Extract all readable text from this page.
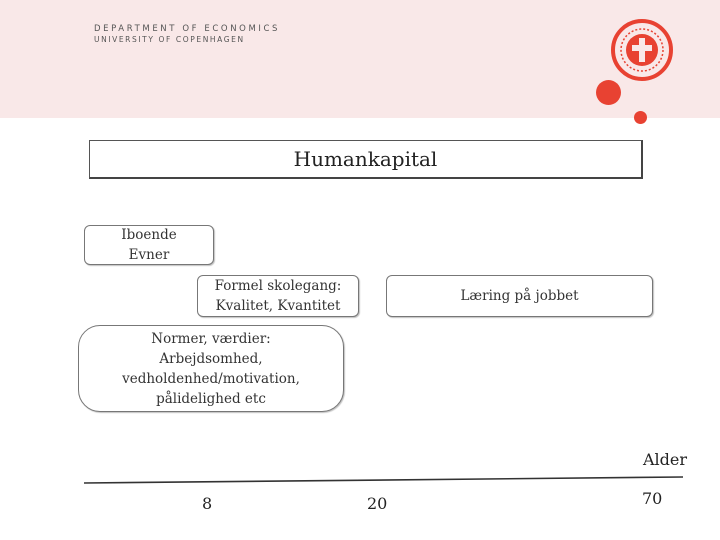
DEPARTMENT OF ECONOMICS
UNIVERSITY OF COPENHAGEN
Humankapital
Iboende
Evner
Formel skolegang:
Kvalitet, Kvantitet
Læring på jobbet
Normer, værdier:
Arbejdsomhed,
vedholdenhed/motivation,
pålidelighed etc
Alder
8	20	70
